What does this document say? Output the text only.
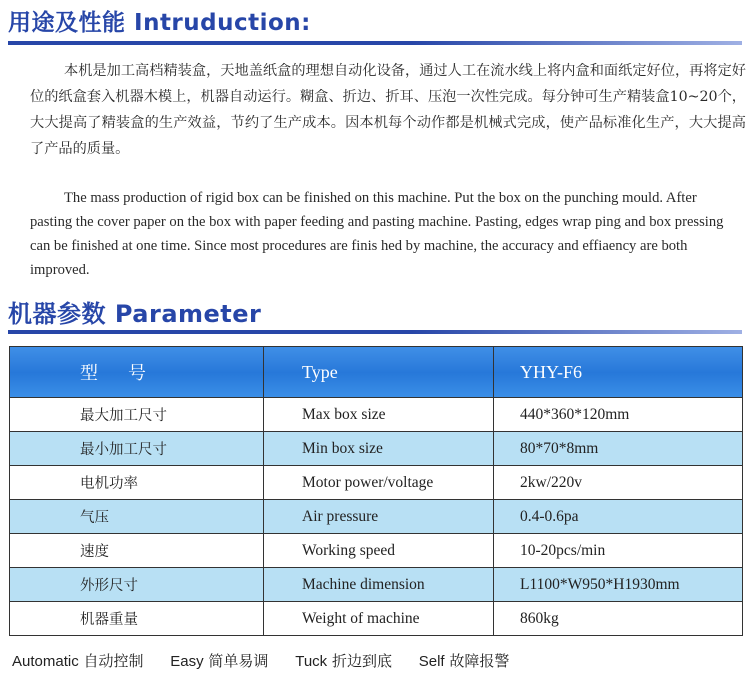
用途及性能 Intruduction:

本机是加工高档精装盒，天地盖纸盒的理想自动化设备，通过人工在流水线上将内盒和面纸定好位，再将定好位的纸盒套入机器木模上，机器自动运行。糊盒、折边、折耳、压泡一次性完成。每分钟可生产精装盒10~20个，大大提高了精装盒的生产效益，节约了生产成本。因本机每个动作都是机械式完成，使产品标准化生产，大大提高了产品的质量。

The mass production of rigid box can be finished on this machine. Put the box on the punching mould. After pasting the cover paper on the box with paper feeding and pasting machine. Pasting, edges wrap ping and box pressing can be finished at one time. Since most procedures are finis hed by machine, the accuracy and effiaency are both improved.

机器参数 Parameter
型号	Type	YHY-F6
最大加工尺寸	Max box size	440*360*120mm
最小加工尺寸	Min box size	80*70*8mm
电机功率	Motor power/voltage	2kw/220v
气压	Air pressure	0.4-0.6pa
速度	Working speed	10-20pcs/min
外形尺寸	Machine dimension	L1100*W950*H1930mm
机器重量	Weight of machine	860kg
Automatic 自动控制 Easy 简单易调 Tuck 折边到底 Self 故障报警
